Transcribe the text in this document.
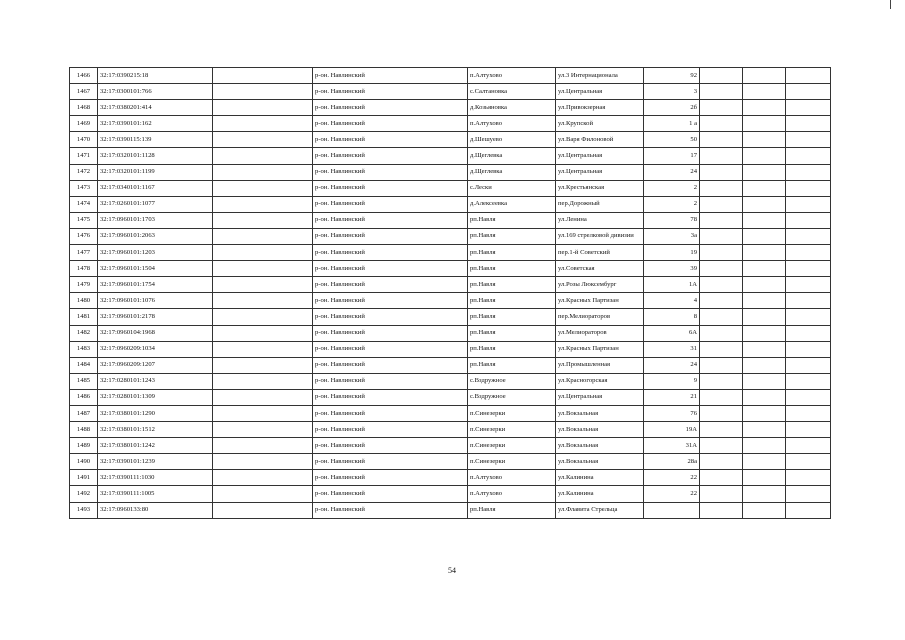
1466	32:17:0390215:18		р-он. Навлинский	п.Алтухово	ул.3 Интернационала	92			
1467	32:17:0300101:766		р-он. Навлинский	с.Салтановка	ул.Центральная	3			
1468	32:17:0380201:414		р-он. Навлинский	д.Козьяновка	ул.Привокзерная	2б			
1469	32:17:0390101:162		р-он. Навлинский	п.Алтухово	ул.Крупской	1 а			
1470	32:17:0390115:139		р-он. Навлинский	д.Шешуево	ул.Варя Филоновой	50			
1471	32:17:0320101:1128		р-он. Навлинский	д.Щеглевка	ул.Центральная	17			
1472	32:17:0320101:1199		р-он. Навлинский	д.Щеглевка	ул.Центральная	24			
1473	32:17:0340101:1167		р-он. Навлинский	с.Лески	ул.Крестьянская	2			
1474	32:17:0260101:1077		р-он. Навлинский	д.Алексеевка	пер.Дорожный	2			
1475	32:17:0960101:1703		р-он. Навлинский	рп.Навля	ул.Ленина	78			
1476	32:17:0960101:2063		р-он. Навлинский	рп.Навля	ул.169 стрелковой дивизии	3а			
1477	32:17:0960101:1203		р-он. Навлинский	рп.Навля	пер.1-й Советский	19			
1478	32:17:0960101:1504		р-он. Навлинский	рп.Навля	ул.Советская	39			
1479	32:17:0960101:1754		р-он. Навлинский	рп.Навля	ул.Розы Люксембург	1А			
1480	32:17:0960101:1076		р-он. Навлинский	рп.Навля	ул.Красных Партизан	4			
1481	32:17:0960101:2178		р-он. Навлинский	рп.Навля	пер.Мелиораторов	8			
1482	32:17:0960104:1968		р-он. Навлинский	рп.Навля	ул.Мелиораторов	6А			
1483	32:17:0960209:1034		р-он. Навлинский	рп.Навля	ул.Красных Партизан	31			
1484	32:17:0960209:1207		р-он. Навлинский	рп.Навля	ул.Промышленная	24			
1485	32:17:0280101:1243		р-он. Навлинский	с.Вздружное	ул.Красногорская	9			
1486	32:17:0280101:1309		р-он. Навлинский	с.Вздружное	ул.Центральная	21			
1487	32:17:0380101:1290		р-он. Навлинский	п.Синезерки	ул.Вокзальная	76			
1488	32:17:0380101:1512		р-он. Навлинский	п.Синезерки	ул.Вокзальная	19А			
1489	32:17:0380101:1242		р-он. Навлинский	п.Синезерки	ул.Вокзальная	31А			
1490	32:17:0390101:1239		р-он. Навлинский	п.Синезерки	ул.Вокзальная	28а			
1491	32:17:0390111:1030		р-он. Навлинский	п.Алтухово	ул.Калинина	22			
1492	32:17:0390111:1005		р-он. Навлинский	п.Алтухово	ул.Калинина	22			
1493	32:17:0960133:80		р-он. Навлинский	рп.Навля	ул.Флавита Стрельца				
54
